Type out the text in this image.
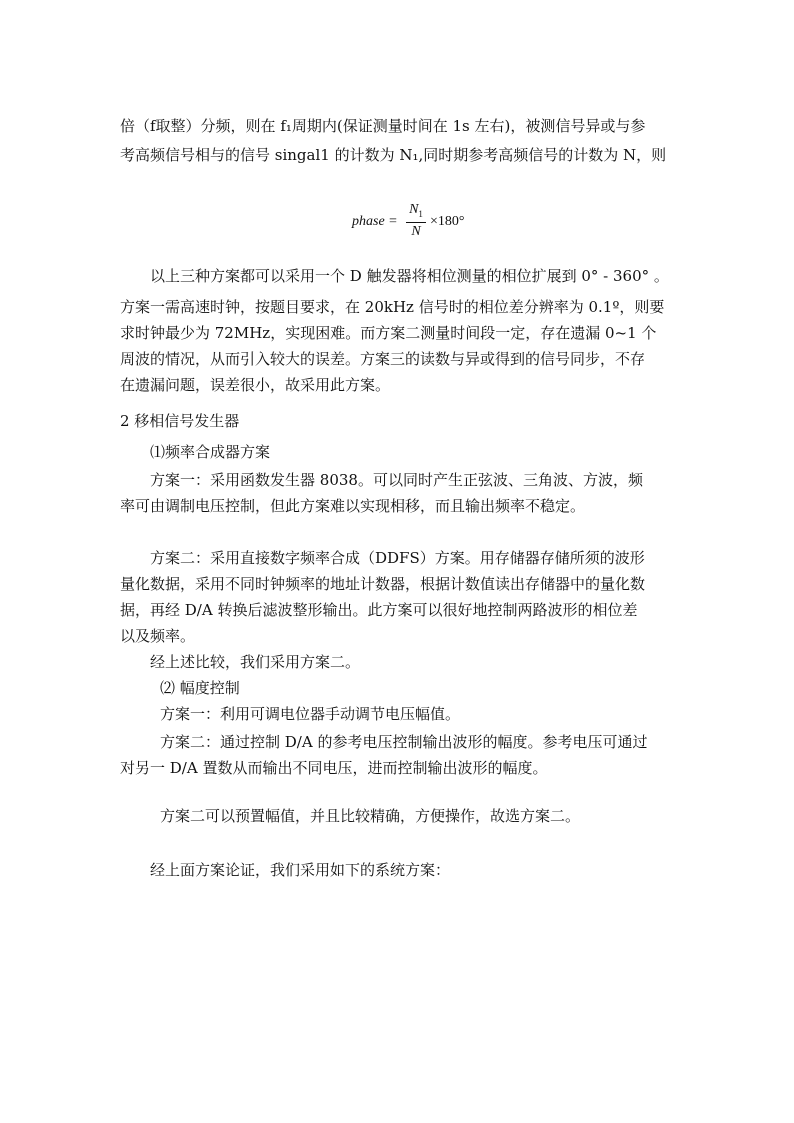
倍（f取整）分频，则在 f₁周期内(保证测量时间在 1s 左右)，被测信号异或与参
考高频信号相与的信号 singal1 的计数为 N₁,同时期参考高频信号的计数为 N，则
phase =
$N_1$
N
×180°
以上三种方案都可以采用一个 D 触发器将相位测量的相位扩展到 0° - 360° 。
方案一需高速时钟，按题目要求，在 20kHz 信号时的相位差分辨率为 0.1º，则要
求时钟最少为 72MHz，实现困难。而方案二测量时间段一定，存在遗漏 0~1 个
周波的情况，从而引入较大的误差。方案三的读数与异或得到的信号同步，不存
在遗漏问题，误差很小，故采用此方案。
2 移相信号发生器
⑴频率合成器方案
方案一：采用函数发生器 8038。可以同时产生正弦波、三角波、方波，频
率可由调制电压控制，但此方案难以实现相移，而且输出频率不稳定。
方案二：采用直接数字频率合成（DDFS）方案。用存储器存储所须的波形
量化数据，采用不同时钟频率的地址计数器，根据计数值读出存储器中的量化数
据，再经 D/A 转换后滤波整形输出。此方案可以很好地控制两路波形的相位差
以及频率。
经上述比较，我们采用方案二。
⑵ 幅度控制
方案一：利用可调电位器手动调节电压幅值。
方案二：通过控制 D/A 的参考电压控制输出波形的幅度。参考电压可通过
对另一 D/A 置数从而输出不同电压，进而控制输出波形的幅度。
方案二可以预置幅值，并且比较精确，方便操作，故选方案二。
经上面方案论证，我们采用如下的系统方案：
